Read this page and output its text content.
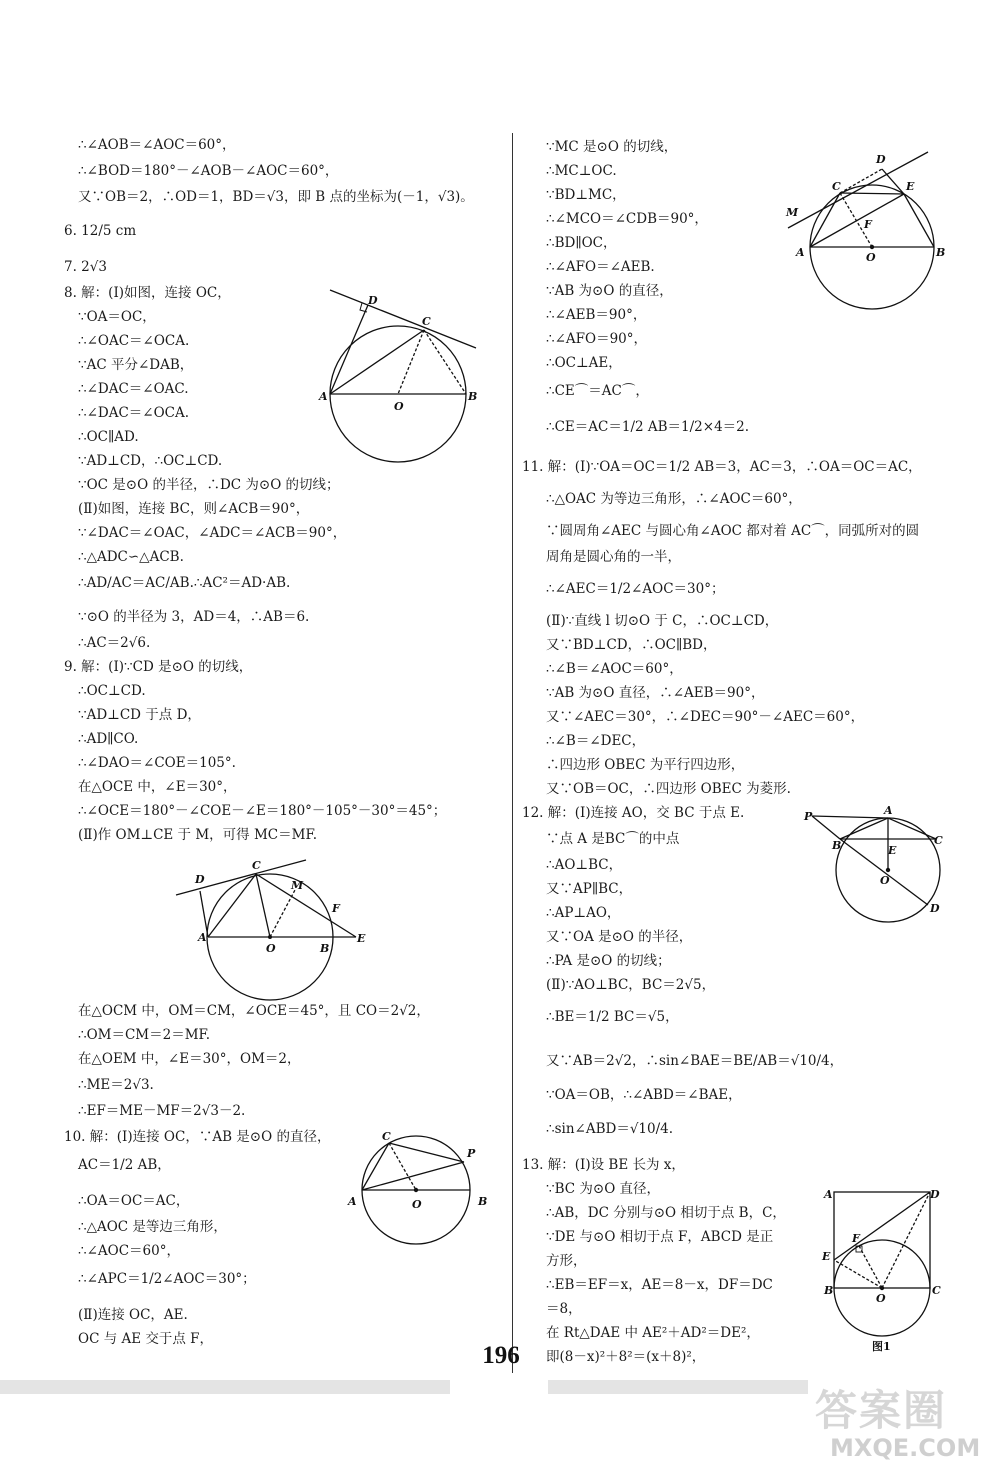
∴∠AOB＝∠AOC＝60°，
∴∠BOD＝180°－∠AOB－∠AOC＝60°，
又∵OB＝2，∴OD＝1，BD＝√3，即 B 点的坐标为(－1，√3)。
6. 12/5 cm
7. 2√3
8. 解：(Ⅰ)如图，连接 OC，
∵OA＝OC，
∴∠OAC＝∠OCA.
∵AC 平分∠DAB，
∴∠DAC＝∠OAC.
∴∠DAC＝∠OCA.
∴OC∥AD.
∵AD⊥CD，∴OC⊥CD.
∵OC 是⊙O 的半径，∴DC 为⊙O 的切线；
(Ⅱ)如图，连接 BC，则∠ACB＝90°，
∵∠DAC＝∠OAC，∠ADC＝∠ACB＝90°，
∴△ADC∽△ACB.
∴AD/AC＝AC/AB.∴AC²＝AD·AB.
∵⊙O 的半径为 3，AD＝4，∴AB＝6.
∴AC＝2√6.
9. 解：(Ⅰ)∵CD 是⊙O 的切线，
∴OC⊥CD.
∵AD⊥CD 于点 D，
∴AD∥CO.
∴∠DAO＝∠COE＝105°.
在△OCE 中，∠E＝30°，
∴∠OCE＝180°－∠COE－∠E＝180°－105°－30°＝45°；
(Ⅱ)作 OM⊥CE 于 M，可得 MC＝MF.
在△OCM 中，OM＝CM，∠OCE＝45°，且 CO＝2√2，
∴OM＝CM＝2＝MF.
在△OEM 中，∠E＝30°，OM＝2，
∴ME＝2√3.
∴EF＝ME－MF＝2√3－2.
10. 解：(Ⅰ)连接 OC，∵AB 是⊙O 的直径，
AC＝1/2 AB，
∴OA＝OC＝AC，
∴△AOC 是等边三角形，
∴∠AOC＝60°，
∴∠APC＝1/2∠AOC＝30°；
(Ⅱ)连接 OC，AE.
OC 与 AE 交于点 F，
D
C
A	B
O
D
C
M
F
A
O	B
E
C
P
A	O	B
∵MC 是⊙O 的切线，
∴MC⊥OC.
∵BD⊥MC，
∴∠MCO＝∠CDB＝90°，
∴BD∥OC，
∴∠AFO＝∠AEB.
∵AB 为⊙O 的直径，
∴∠AEB＝90°，
∴∠AFO＝90°，
∴OC⊥AE，
∴CE⌒＝AC⌒，
∴CE＝AC＝1/2 AB＝1/2×4＝2.
11. 解：(Ⅰ)∵OA＝OC＝1/2 AB＝3，AC＝3，∴OA＝OC＝AC，
∴△OAC 为等边三角形，∴∠AOC＝60°，
∵圆周角∠AEC 与圆心角∠AOC 都对着 AC⌒，同弧所对的圆
周角是圆心角的一半，
∴∠AEC＝1/2∠AOC＝30°；
(Ⅱ)∵直线 l 切⊙O 于 C，∴OC⊥CD，
又∵BD⊥CD，∴OC∥BD，
∴∠B＝∠AOC＝60°，
∵AB 为⊙O 直径，∴∠AEB＝90°，
又∵∠AEC＝30°，∴∠DEC＝90°－∠AEC＝60°，
∴∠B＝∠DEC，
∴四边形 OBEC 为平行四边形，
又∵OB＝OC，∴四边形 OBEC 为菱形.
12. 解：(Ⅰ)连接 AO，交 BC 于点 E.
∵点 A 是BC⌒的中点
∴AO⊥BC，
又∵AP∥BC，
∴AP⊥AO，
又∵OA 是⊙O 的半径，
∴PA 是⊙O 的切线；
(Ⅱ)∵AO⊥BC，BC＝2√5，
∴BE＝1/2 BC＝√5，
又∵AB＝2√2，∴sin∠BAE＝BE/AB＝√10/4，
∵OA＝OB，∴∠ABD＝∠BAE，
∴sin∠ABD＝√10/4.
13. 解：(Ⅰ)设 BE 长为 x，
∵BC 为⊙O 直径，
∴AB，DC 分别与⊙O 相切于点 B，C，
∵DE 与⊙O 相切于点 F，ABCD 是正
方形，
∴EB＝EF＝x，AE＝8－x，DF＝DC
＝8，
在 Rt△DAE 中 AE²＋AD²＝DE²，
即(8－x)²＋8²＝(x＋8)²，
D
C	E
M
F
A	O	B
P	A
B	C
E
O
D
A	D
F
E
B
O
C
图1
196
答案圈
MXQE.COM
